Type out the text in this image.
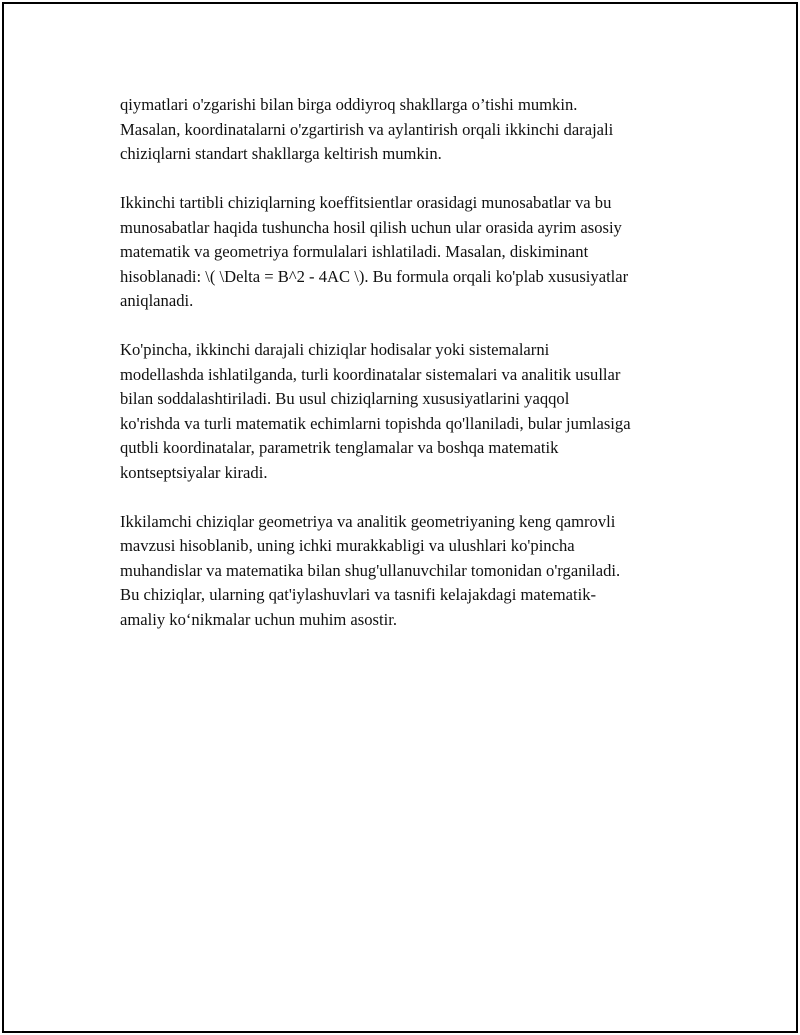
qiymatlari o'zgarishi bilan birga oddiyroq shakllarga o’tishi mumkin.
Masalan, koordinatalarni o'zgartirish va aylantirish orqali ikkinchi darajali
chiziqlarni standart shakllarga keltirish mumkin.

Ikkinchi tartibli chiziqlarning koeffitsientlar orasidagi munosabatlar va bu
munosabatlar haqida tushuncha hosil qilish uchun ular orasida ayrim asosiy
matematik va geometriya formulalari ishlatiladi. Masalan, diskiminant
hisoblanadi: \( \Delta = B^2 - 4AC \). Bu formula orqali ko'plab xususiyatlar
aniqlanadi.

Ko'pincha, ikkinchi darajali chiziqlar hodisalar yoki sistemalarni
modellashda ishlatilganda, turli koordinatalar sistemalari va analitik usullar
bilan soddalashtiriladi. Bu usul chiziqlarning xususiyatlarini yaqqol
ko'rishda va turli matematik echimlarni topishda qo'llaniladi, bular jumlasiga
qutbli koordinatalar, parametrik tenglamalar va boshqa matematik
kontseptsiyalar kiradi.

Ikkilamchi chiziqlar geometriya va analitik geometriyaning keng qamrovli
mavzusi hisoblanib, uning ichki murakkabligi va ulushlari ko'pincha
muhandislar va matematika bilan shug'ullanuvchilar tomonidan o'rganiladi.
Bu chiziqlar, ularning qat'iylashuvlari va tasnifi kelajakdagi matematik-
amaliy ko‘nikmalar uchun muhim asostir.
